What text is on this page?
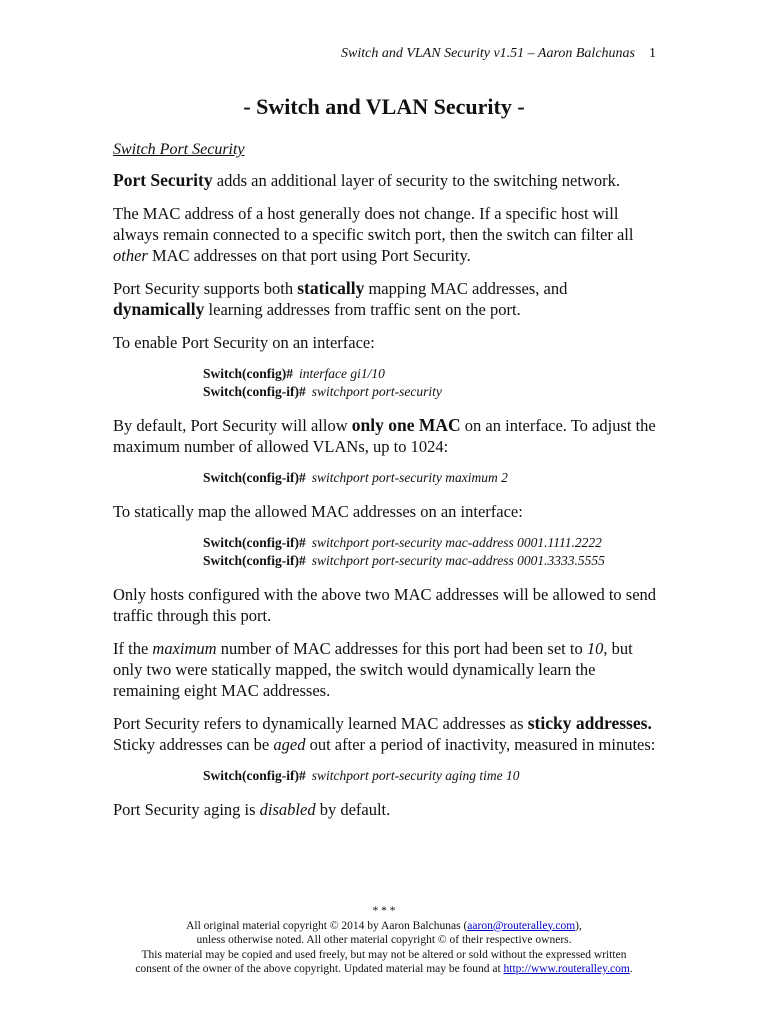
Switch and VLAN Security v1.51 – Aaron Balchunas 1
- Switch and VLAN Security -
Switch Port Security

Port Security adds an additional layer of security to the switching network.

The MAC address of a host generally does not change. If a specific host will always remain connected to a specific switch port, then the switch can filter all other MAC addresses on that port using Port Security.

Port Security supports both statically mapping MAC addresses, and dynamically learning addresses from traffic sent on the port.

To enable Port Security on an interface:

Switch(config)# interface gi1/10
Switch(config-if)# switchport port-security

By default, Port Security will allow only one MAC on an interface. To adjust the maximum number of allowed VLANs, up to 1024:

Switch(config-if)# switchport port-security maximum 2

To statically map the allowed MAC addresses on an interface:

Switch(config-if)# switchport port-security mac-address 0001.1111.2222
Switch(config-if)# switchport port-security mac-address 0001.3333.5555

Only hosts configured with the above two MAC addresses will be allowed to send traffic through this port.

If the maximum number of MAC addresses for this port had been set to 10, but only two were statically mapped, the switch would dynamically learn the remaining eight MAC addresses.

Port Security refers to dynamically learned MAC addresses as sticky addresses. Sticky addresses can be aged out after a period of inactivity, measured in minutes:

Switch(config-if)# switchport port-security aging time 10

Port Security aging is disabled by default.

* * *
All original material copyright © 2014 by Aaron Balchunas (aaron@routeralley.com),
unless otherwise noted. All other material copyright © of their respective owners.
This material may be copied and used freely, but may not be altered or sold without the expressed written
consent of the owner of the above copyright. Updated material may be found at http://www.routeralley.com.
